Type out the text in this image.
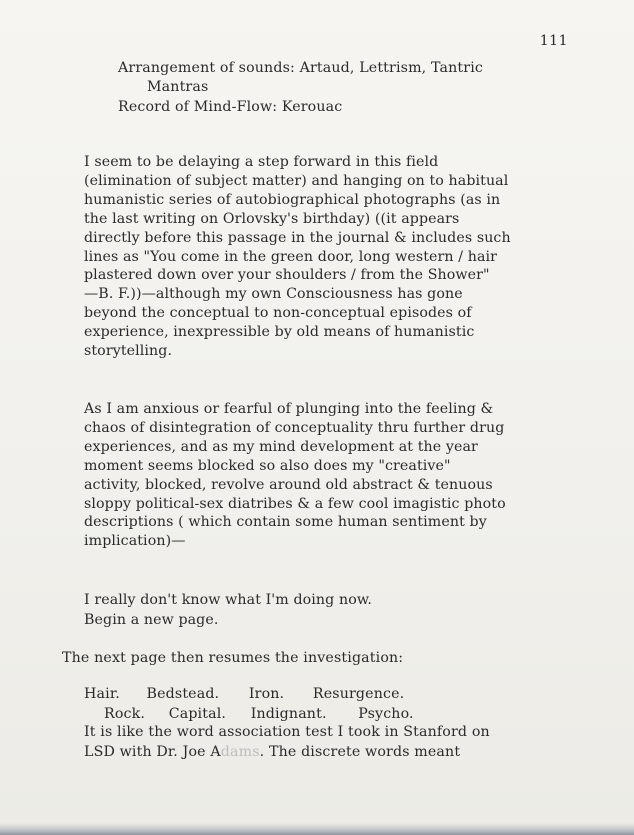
111
Arrangement of sounds: Artaud, Lettrism, Tantric
Mantras
Record of Mind-Flow: Kerouac
I seem to be delaying a step forward in this field
(elimination of subject matter) and hanging on to habitual
humanistic series of autobiographical photographs (as in
the last writing on Orlovsky's birthday) ((it appears
directly before this passage in the journal & includes such
lines as "You come in the green door, long western / hair
plastered down over your shoulders / from the Shower"
—B. F.))—although my own Consciousness has gone
beyond the conceptual to non-conceptual episodes of
experience, inexpressible by old means of humanistic
storytelling.
As I am anxious or fearful of plunging into the feeling &
chaos of disintegration of conceptuality thru further drug
experiences, and as my mind development at the year
moment seems blocked so also does my "creative"
activity, blocked, revolve around old abstract & tenuous
sloppy political-sex diatribes & a few cool imagistic photo
descriptions ( which contain some human sentiment by
implication)—
I really don't know what I'm doing now.
Begin a new page.
The next page then resumes the investigation:
Hair. Bedstead. Iron. Resurgence.
Rock. Capital. Indignant. Psycho.
It is like the word association test I took in Stanford on
LSD with Dr. Joe Adams. The discrete words meant
